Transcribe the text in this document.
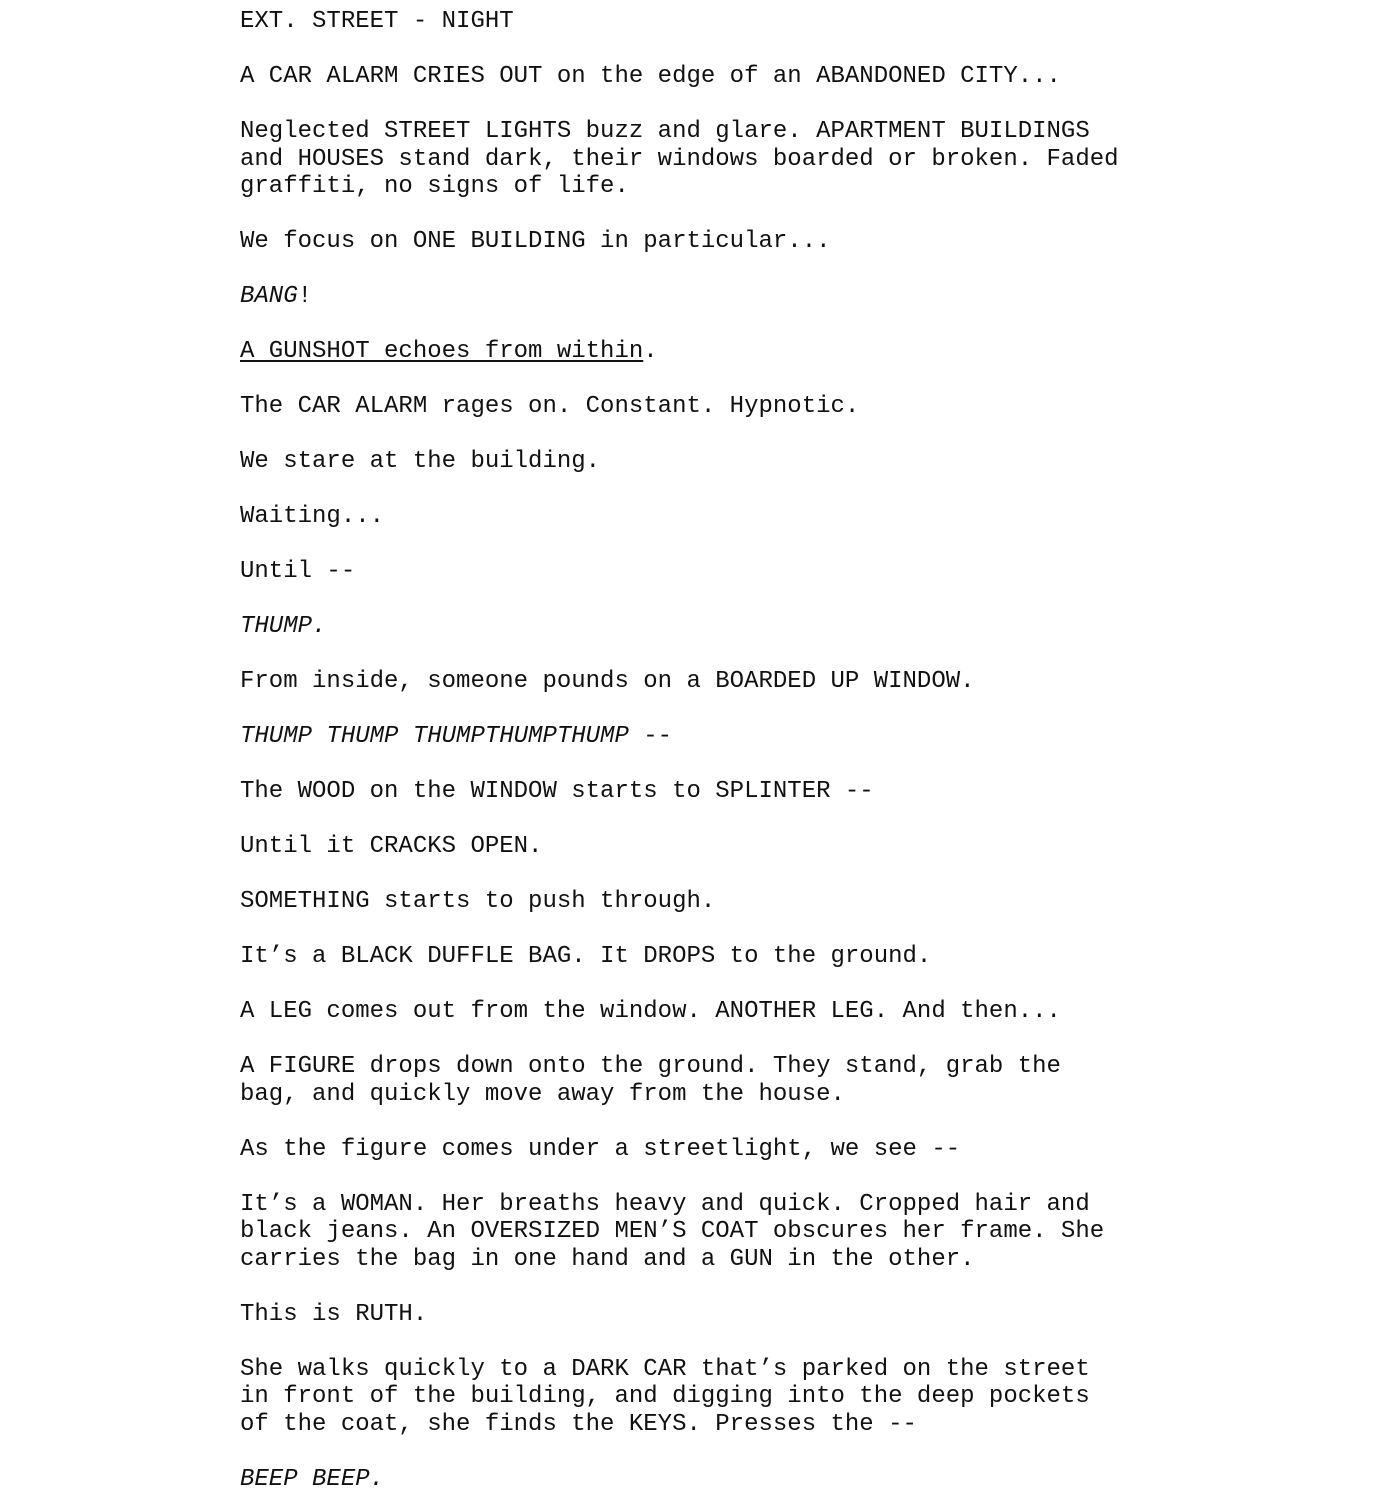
EXT. STREET - NIGHT

A CAR ALARM CRIES OUT on the edge of an ABANDONED CITY...

Neglected STREET LIGHTS buzz and glare. APARTMENT BUILDINGS
and HOUSES stand dark, their windows boarded or broken. Faded
graffiti, no signs of life.

We focus on ONE BUILDING in particular...

BANG!

A GUNSHOT echoes from within.

The CAR ALARM rages on. Constant. Hypnotic.

We stare at the building.

Waiting...

Until --

THUMP.

From inside, someone pounds on a BOARDED UP WINDOW.

THUMP THUMP THUMPTHUMPTHUMP --

The WOOD on the WINDOW starts to SPLINTER --

Until it CRACKS OPEN.

SOMETHING starts to push through.

It’s a BLACK DUFFLE BAG. It DROPS to the ground.

A LEG comes out from the window. ANOTHER LEG. And then...

A FIGURE drops down onto the ground. They stand, grab the
bag, and quickly move away from the house.

As the figure comes under a streetlight, we see --

It’s a WOMAN. Her breaths heavy and quick. Cropped hair and
black jeans. An OVERSIZED MEN’S COAT obscures her frame. She
carries the bag in one hand and a GUN in the other.

This is RUTH.

She walks quickly to a DARK CAR that’s parked on the street
in front of the building, and digging into the deep pockets
of the coat, she finds the KEYS. Presses the --

BEEP BEEP.
